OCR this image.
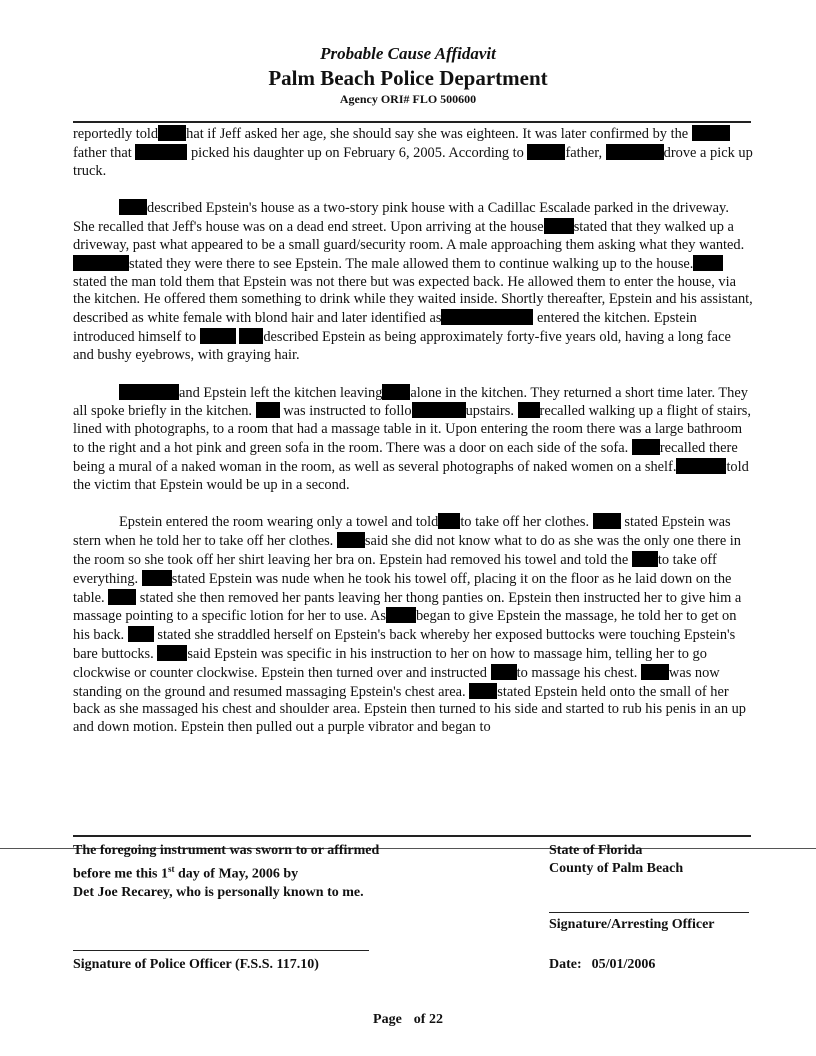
Probable Cause Affidavit
Palm Beach Police Department
Agency ORI# FLO 500600

reportedly told hat if Jeff asked her age, she should say she was eighteen. It was later confirmed by the  father that	picked his daughter up on February 6, 2005. According to	father,	drove a pick up truck.

described Epstein's house as a two-story pink house with a Cadillac Escalade parked in the driveway. She recalled that Jeff's house was on a dead end street. Upon arriving at the house stated that they walked up a driveway, past what appeared to be a small guard/security room. A male approaching them asking what they wanted. stated they were there to see Epstein. The male allowed them to continue walking up to the house.stated the man told them that Epstein was not there but was expected back. He allowed them to enter the house, via the kitchen. He offered them something to drink while they waited inside. Shortly thereafter, Epstein and his assistant, described as white female with blond hair and later identified as	entered the kitchen. Epstein introduced himself to	described Epstein as being approximately forty-five years old, having a long face and bushy eyebrows, with graying hair.

and Epstein left the kitchen leaving alone in the kitchen. They returned a short time later. They all spoke briefly in the kitchen. was instructed to follo	upstairs. recalled walking up a flight of stairs, lined with photographs, to a room that had a massage table in it. Upon entering the room there was a large bathroom to the right and a hot pink and green sofa in the room. There was a door on each side of the sofa. recalled there being a mural of a naked woman in the room, as well as several photographs of naked women on a shelf.	told the victim that Epstein would be up in a second.

Epstein entered the room wearing only a towel and told to take off her clothes. stated Epstein was stern when he told her to take off her clothes. said she did not know what to do as she was the only one there in the room so she took off her shirt leaving her bra on. Epstein had removed his towel and told the to take off everything. stated Epstein was nude when he took his towel off, placing it on the floor as he laid down on the table. stated she then removed her pants leaving her thong panties on. Epstein then instructed her to give him a massage pointing to a specific lotion for her to use. As began to give Epstein the massage, he told her to get on his back. stated she straddled herself on Epstein's back whereby her exposed buttocks were touching Epstein's bare buttocks. said Epstein was specific in his instruction to her on how to massage him, telling her to go clockwise or counter clockwise. Epstein then turned over and instructed to massage his chest. was now standing on the ground and resumed massaging Epstein's chest area. stated Epstein held onto the small of her back as she massaged his chest and shoulder area. Epstein then turned to his side and started to rub his penis in an up and down motion. Epstein then pulled out a purple vibrator and began to

The foregoing instrument was sworn to or affirmed
before me this 1st day of May, 2006 by
Det Joe Recarey, who is personally known to me.
State of Florida
County of Palm Beach
Signature/Arresting Officer
Signature of Police Officer (F.S.S. 117.10)	Date: 05/01/2006
Page of 22
